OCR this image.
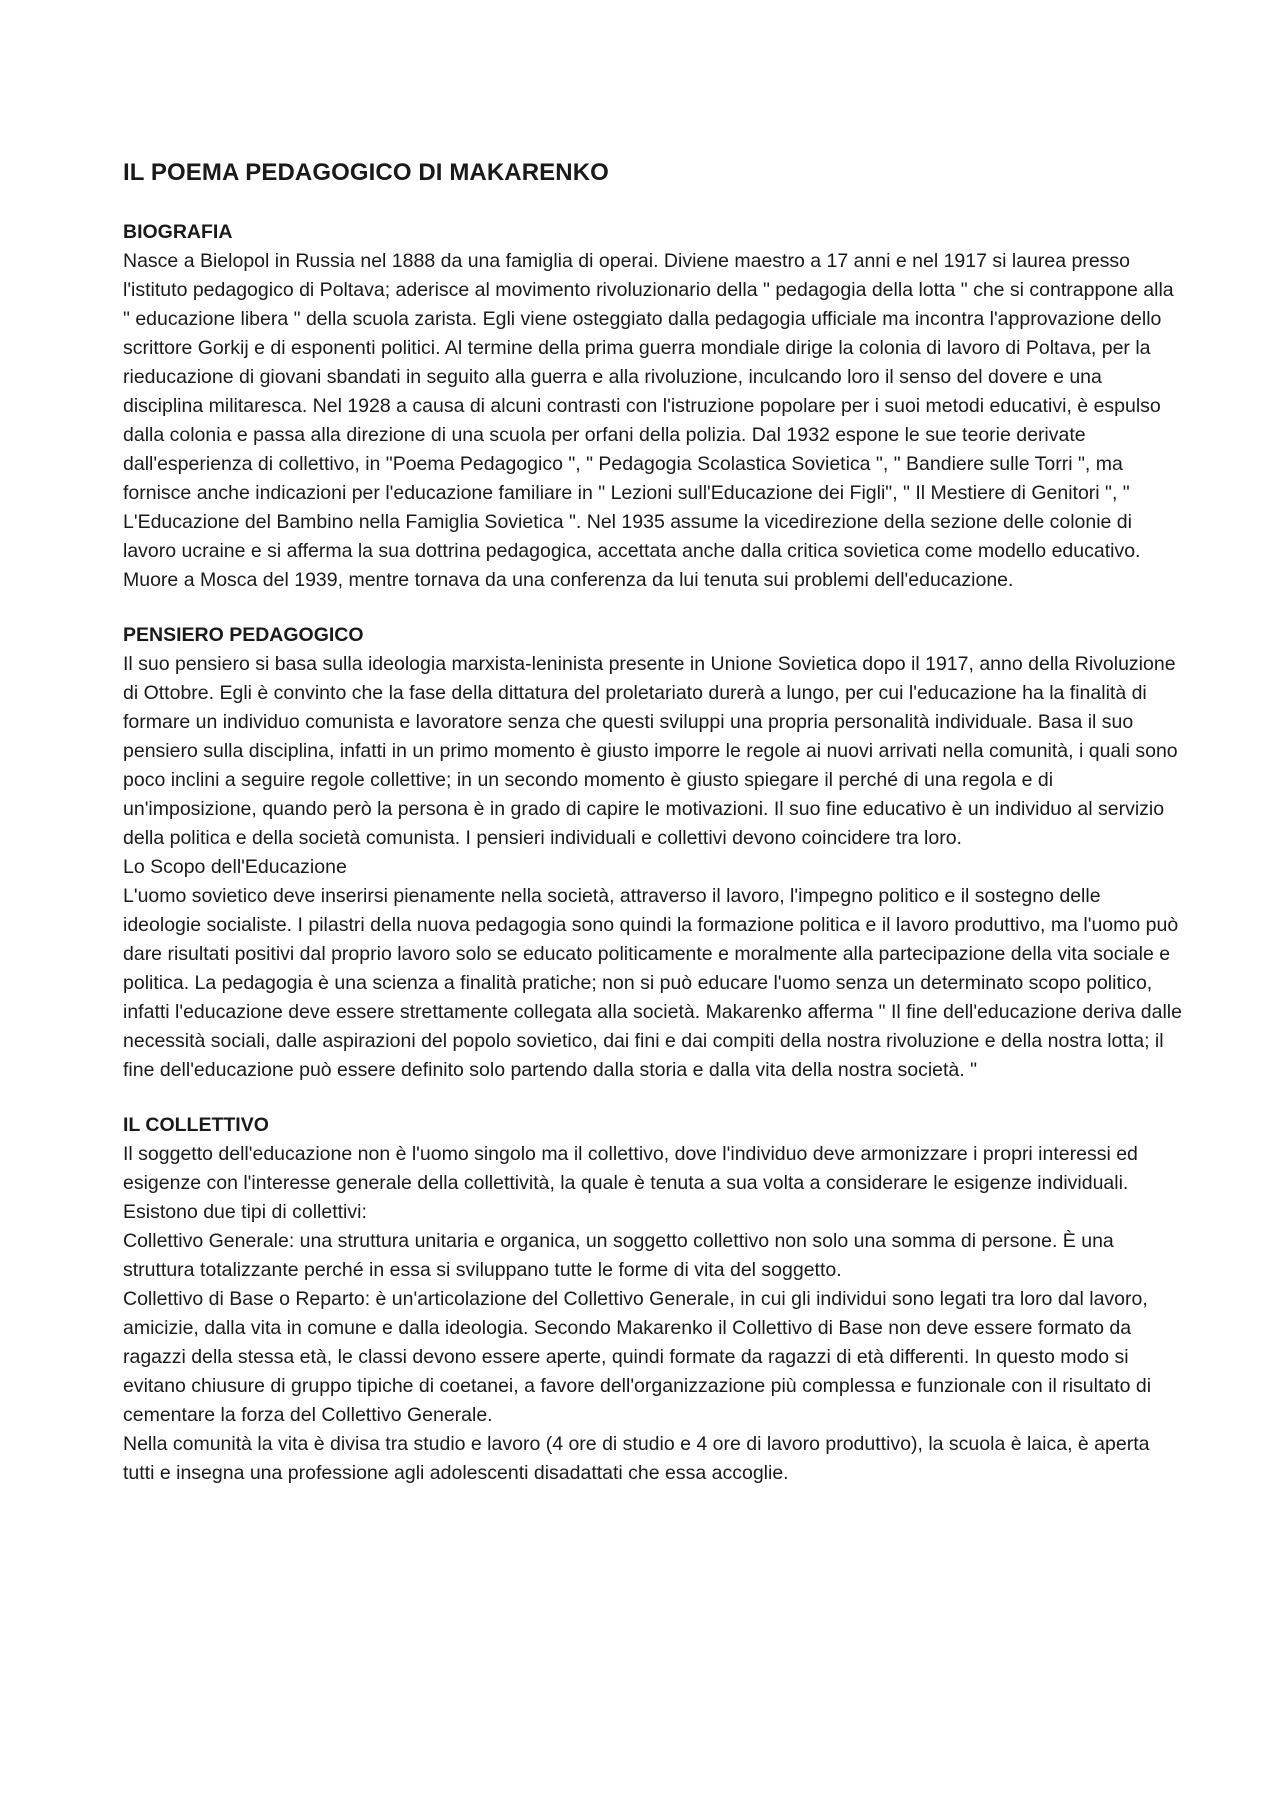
IL POEMA PEDAGOGICO DI MAKARENKO
BIOGRAFIA

Nasce a Bielopol in Russia nel 1888 da una famiglia di operai. Diviene maestro a 17 anni e nel 1917 si laurea presso l'istituto pedagogico di Poltava; aderisce al movimento rivoluzionario della " pedagogia della lotta " che si contrappone alla " educazione libera " della scuola zarista. Egli viene osteggiato dalla pedagogia ufficiale ma incontra l'approvazione dello scrittore Gorkij e di esponenti politici. Al termine della prima guerra mondiale dirige la colonia di lavoro di Poltava, per la rieducazione di giovani sbandati in seguito alla guerra e alla rivoluzione, inculcando loro il senso del dovere e una disciplina militaresca. Nel 1928 a causa di alcuni contrasti con l'istruzione popolare per i suoi metodi educativi, è espulso dalla colonia e passa alla direzione di una scuola per orfani della polizia. Dal 1932 espone le sue teorie derivate dall'esperienza di collettivo, in "Poema Pedagogico ", " Pedagogia Scolastica Sovietica ", " Bandiere sulle Torri ", ma fornisce anche indicazioni per l'educazione familiare in " Lezioni sull'Educazione dei Figli", " Il Mestiere di Genitori ", " L'Educazione del Bambino nella Famiglia Sovietica ". Nel 1935 assume la vicedirezione della sezione delle colonie di lavoro ucraine e si afferma la sua dottrina pedagogica, accettata anche dalla critica sovietica come modello educativo. Muore a Mosca del 1939, mentre tornava da una conferenza da lui tenuta sui problemi dell'educazione.

PENSIERO PEDAGOGICO

Il suo pensiero si basa sulla ideologia marxista-leninista presente in Unione Sovietica dopo il 1917, anno della Rivoluzione di Ottobre. Egli è convinto che la fase della dittatura del proletariato durerà a lungo, per cui l'educazione ha la finalità di formare un individuo comunista e lavoratore senza che questi sviluppi una propria personalità individuale. Basa il suo pensiero sulla disciplina, infatti in un primo momento è giusto imporre le regole ai nuovi arrivati nella comunità, i quali sono poco inclini a seguire regole collettive; in un secondo momento è giusto spiegare il perché di una regola e di un'imposizione, quando però la persona è in grado di capire le motivazioni. Il suo fine educativo è un individuo al servizio della politica e della società comunista. I pensieri individuali e collettivi devono coincidere tra loro.

Lo Scopo dell'Educazione

L'uomo sovietico deve inserirsi pienamente nella società, attraverso il lavoro, l'impegno politico e il sostegno delle ideologie socialiste. I pilastri della nuova pedagogia sono quindi la formazione politica e il lavoro produttivo, ma l'uomo può dare risultati positivi dal proprio lavoro solo se educato politicamente e moralmente alla partecipazione della vita sociale e politica. La pedagogia è una scienza a finalità pratiche; non si può educare l'uomo senza un determinato scopo politico, infatti l'educazione deve essere strettamente collegata alla società. Makarenko afferma " Il fine dell'educazione deriva dalle necessità sociali, dalle aspirazioni del popolo sovietico, dai fini e dai compiti della nostra rivoluzione e della nostra lotta; il fine dell'educazione può essere definito solo partendo dalla storia e dalla vita della nostra società. "

IL COLLETTIVO

Il soggetto dell'educazione non è l'uomo singolo ma il collettivo, dove l'individuo deve armonizzare i propri interessi ed esigenze con l'interesse generale della collettività, la quale è tenuta a sua volta a considerare le esigenze individuali.

Esistono due tipi di collettivi:

Collettivo Generale: una struttura unitaria e organica, un soggetto collettivo non solo una somma di persone. È una struttura totalizzante perché in essa si sviluppano tutte le forme di vita del soggetto.

Collettivo di Base o Reparto: è un'articolazione del Collettivo Generale, in cui gli individui sono legati tra loro dal lavoro, amicizie, dalla vita in comune e dalla ideologia. Secondo Makarenko il Collettivo di Base non deve essere formato da ragazzi della stessa età, le classi devono essere aperte, quindi formate da ragazzi di età differenti. In questo modo si evitano chiusure di gruppo tipiche di coetanei, a favore dell'organizzazione più complessa e funzionale con il risultato di cementare la forza del Collettivo Generale.

Nella comunità la vita è divisa tra studio e lavoro (4 ore di studio e 4 ore di lavoro produttivo), la scuola è laica, è aperta tutti e insegna una professione agli adolescenti disadattati che essa accoglie.
